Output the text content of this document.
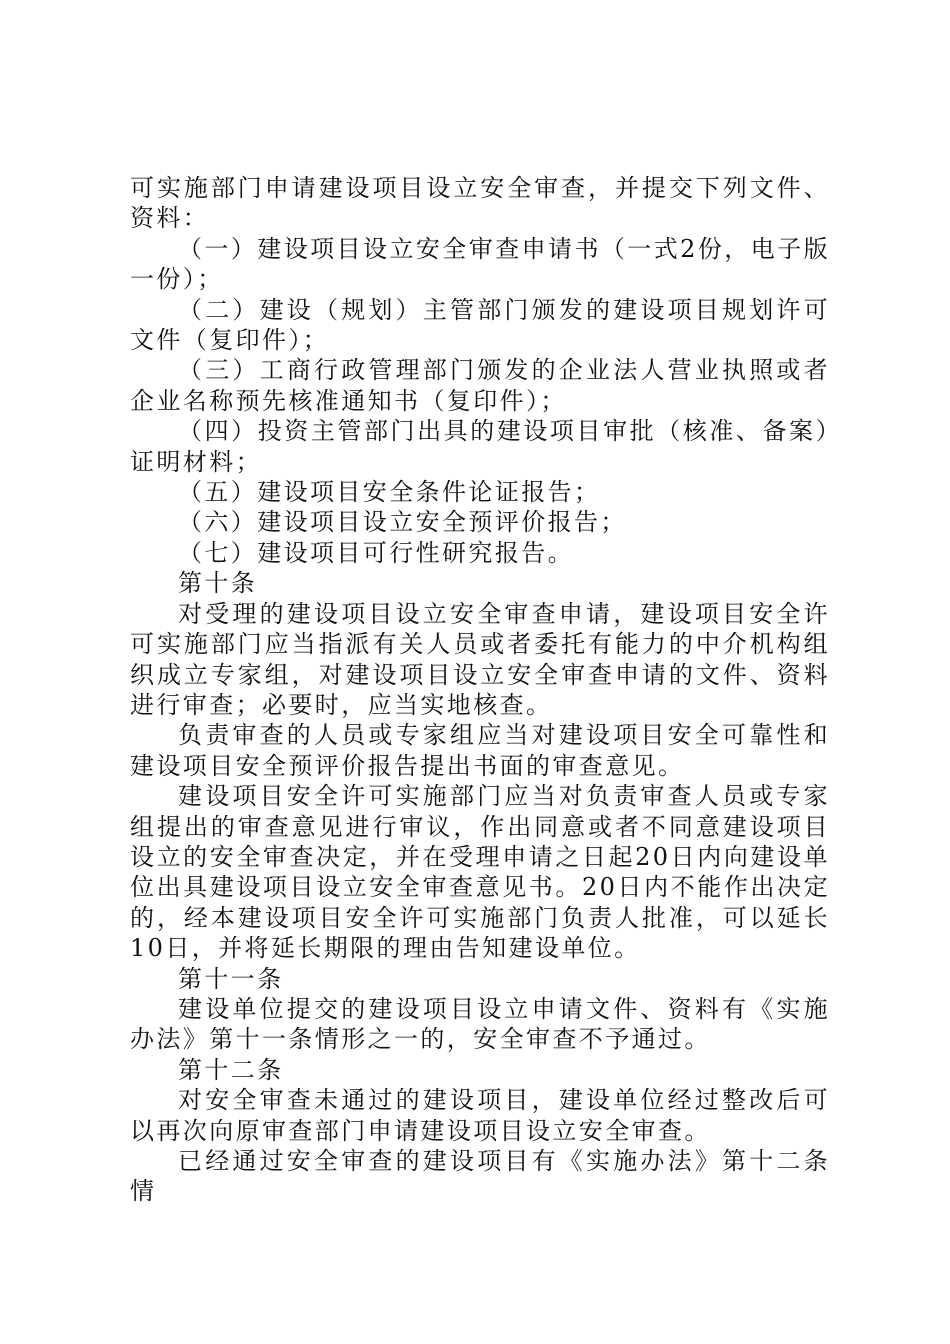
可实施部门申请建设项目设立安全审查，并提交下列文件、资料：

（一）建设项目设立安全审查申请书（一式2份，电子版一份）；

（二）建设（规划）主管部门颁发的建设项目规划许可文件（复印件）；

（三）工商行政管理部门颁发的企业法人营业执照或者企业名称预先核准通知书（复印件）；

（四）投资主管部门出具的建设项目审批（核准、备案）证明材料；

（五）建设项目安全条件论证报告；

（六）建设项目设立安全预评价报告；

（七）建设项目可行性研究报告。

第十条

对受理的建设项目设立安全审查申请，建设项目安全许可实施部门应当指派有关人员或者委托有能力的中介机构组织成立专家组，对建设项目设立安全审查申请的文件、资料进行审查；必要时，应当实地核查。

负责审查的人员或专家组应当对建设项目安全可靠性和建设项目安全预评价报告提出书面的审查意见。

建设项目安全许可实施部门应当对负责审查人员或专家组提出的审查意见进行审议，作出同意或者不同意建设项目设立的安全审查决定，并在受理申请之日起20日内向建设单位出具建设项目设立安全审查意见书。20日内不能作出决定的，经本建设项目安全许可实施部门负责人批准，可以延长10日，并将延长期限的理由告知建设单位。

第十一条

建设单位提交的建设项目设立申请文件、资料有《实施办法》第十一条情形之一的，安全审查不予通过。

第十二条

对安全审查未通过的建设项目，建设单位经过整改后可以再次向原审查部门申请建设项目设立安全审查。

已经通过安全审查的建设项目有《实施办法》第十二条情
